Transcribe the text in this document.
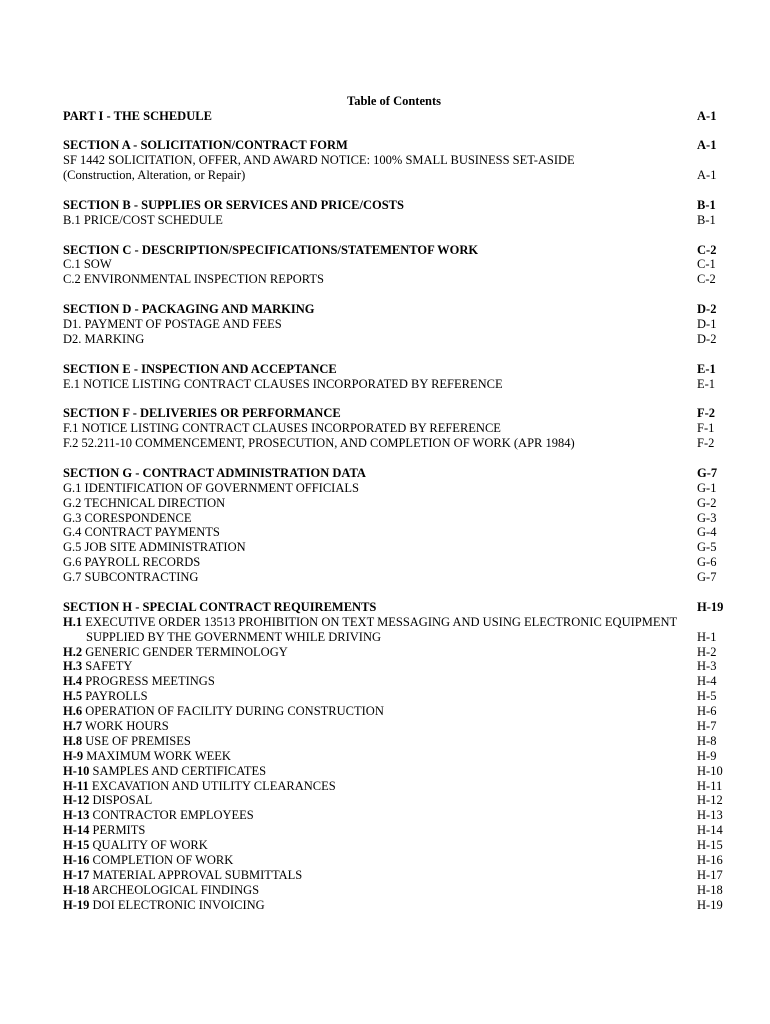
Table of Contents
PART I - THE SCHEDULE	A-1
SECTION A - SOLICITATION/CONTRACT FORM	A-1
SF 1442 SOLICITATION, OFFER, AND AWARD NOTICE: 100% SMALL BUSINESS SET-ASIDE
(Construction, Alteration, or Repair)	A-1
SECTION B - SUPPLIES OR SERVICES AND PRICE/COSTS	B-1
B.1 PRICE/COST SCHEDULE	B-1
SECTION C - DESCRIPTION/SPECIFICATIONS/STATEMENTOF WORK	C-2
C.1 SOW	C-1
C.2 ENVIRONMENTAL INSPECTION REPORTS	C-2
SECTION D - PACKAGING AND MARKING	D-2
D1. PAYMENT OF POSTAGE AND FEES	D-1
D2. MARKING	D-2
SECTION E - INSPECTION AND ACCEPTANCE	E-1
E.1 NOTICE LISTING CONTRACT CLAUSES INCORPORATED BY REFERENCE	E-1
SECTION F - DELIVERIES OR PERFORMANCE	F-2
F.1 NOTICE LISTING CONTRACT CLAUSES INCORPORATED BY REFERENCE	F-1
F.2 52.211-10 COMMENCEMENT, PROSECUTION, AND COMPLETION OF WORK (APR 1984)	F-2
SECTION G - CONTRACT ADMINISTRATION DATA	G-7
G.1 IDENTIFICATION OF GOVERNMENT OFFICIALS	G-1
G.2 TECHNICAL DIRECTION	G-2
G.3 CORESPONDENCE	G-3
G.4 CONTRACT PAYMENTS	G-4
G.5 JOB SITE ADMINISTRATION	G-5
G.6 PAYROLL RECORDS	G-6
G.7 SUBCONTRACTING	G-7
SECTION H - SPECIAL CONTRACT REQUIREMENTS	H-19
H.1 EXECUTIVE ORDER 13513 PROHIBITION ON TEXT MESSAGING AND USING ELECTRONIC EQUIPMENT
SUPPLIED BY THE GOVERNMENT WHILE DRIVING	H-1
H.2 GENERIC GENDER TERMINOLOGY	H-2
H.3 SAFETY	H-3
H.4 PROGRESS MEETINGS	H-4
H.5 PAYROLLS	H-5
H.6 OPERATION OF FACILITY DURING CONSTRUCTION	H-6
H.7 WORK HOURS	H-7
H.8 USE OF PREMISES	H-8
H-9 MAXIMUM WORK WEEK	H-9
H-10 SAMPLES AND CERTIFICATES	H-10
H-11 EXCAVATION AND UTILITY CLEARANCES	H-11
H-12 DISPOSAL	H-12
H-13 CONTRACTOR EMPLOYEES	H-13
H-14 PERMITS	H-14
H-15 QUALITY OF WORK	H-15
H-16 COMPLETION OF WORK	H-16
H-17 MATERIAL APPROVAL SUBMITTALS	H-17
H-18 ARCHEOLOGICAL FINDINGS	H-18
H-19 DOI ELECTRONIC INVOICING	H-19
